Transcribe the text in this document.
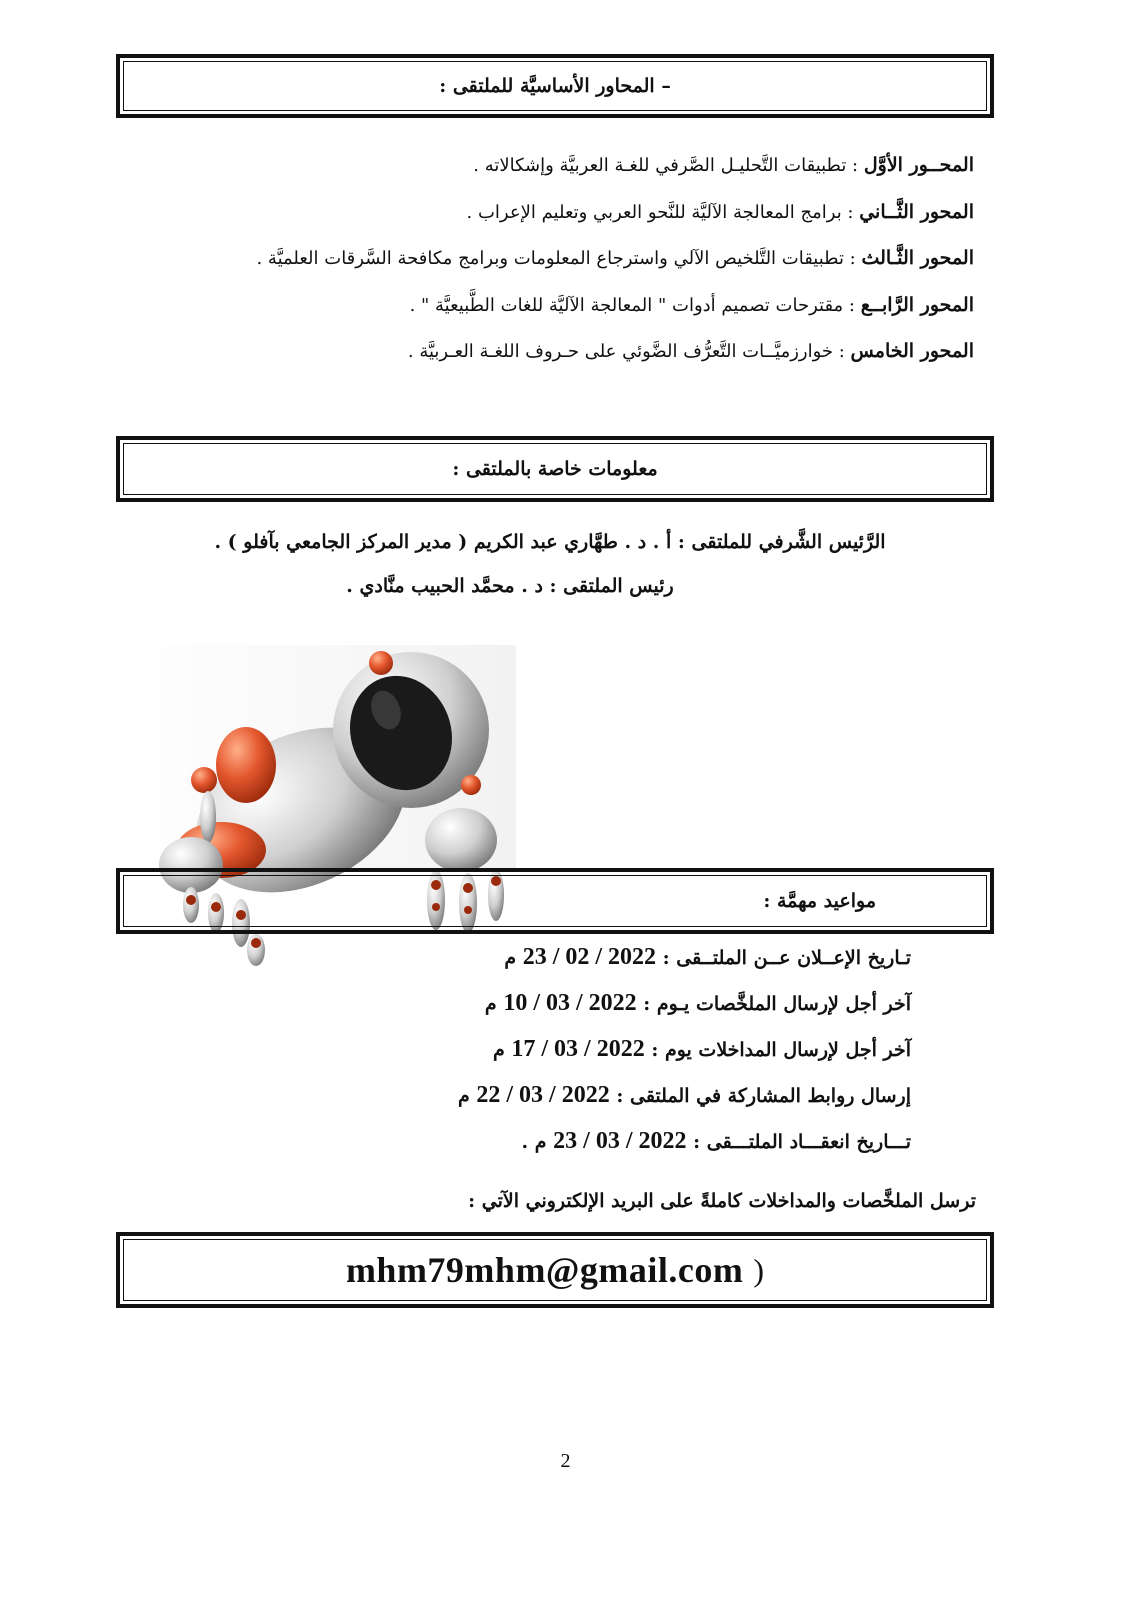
– المحاور الأساسيَّة للملتقى :
المحــور الأوَّل : تطبيقات التَّحليـل الصَّرفي للغـة العربيَّة وإشكالاته .
المحور الثَّــاني : برامج المعالجة الآليَّة للنَّحو العربي وتعليم الإعراب .
المحور الثَّـالث : تطبيقات التَّلخيص الآلي واسترجاع المعلومات وبرامج مكافحة السَّرقات العلميَّة .
المحور الرَّابــع : مقترحات تصميم أدوات " المعالجة الآليَّة للغات الطَّبيعيَّة " .
المحور الخامس : خوارزميَّــات التَّعرُّف الضَّوئي على حـروف اللغـة العـربيَّة .
معلومات خاصة بالملتقى :
الرَّئيس الشَّرفي للملتقى : أ . د . طهَّاري عبد الكريم ( مدير المركز الجامعي بآفلو ) .
رئيس الملتقى : د . محمَّد الحبيب منَّادي .
مواعيد مهمَّة :
تـاريخ الإعــلان عــن الملتــقى : 23 / 02 / 2022 م
آخر أجل لإرسال الملخَّصات يـوم : 10 / 03 / 2022 م
آخر أجل لإرسال المداخلات يوم : 17 / 03 / 2022 م
إرسال روابط المشاركة في الملتقى : 22 / 03 / 2022 م
تـــاريخ انعقـــاد الملتـــقى : 23 / 03 / 2022 م .
ترسل الملخَّصات والمداخلات كاملةً على البريد الإلكتروني الآتي :
mhm79mhm@gmail.com )
2
